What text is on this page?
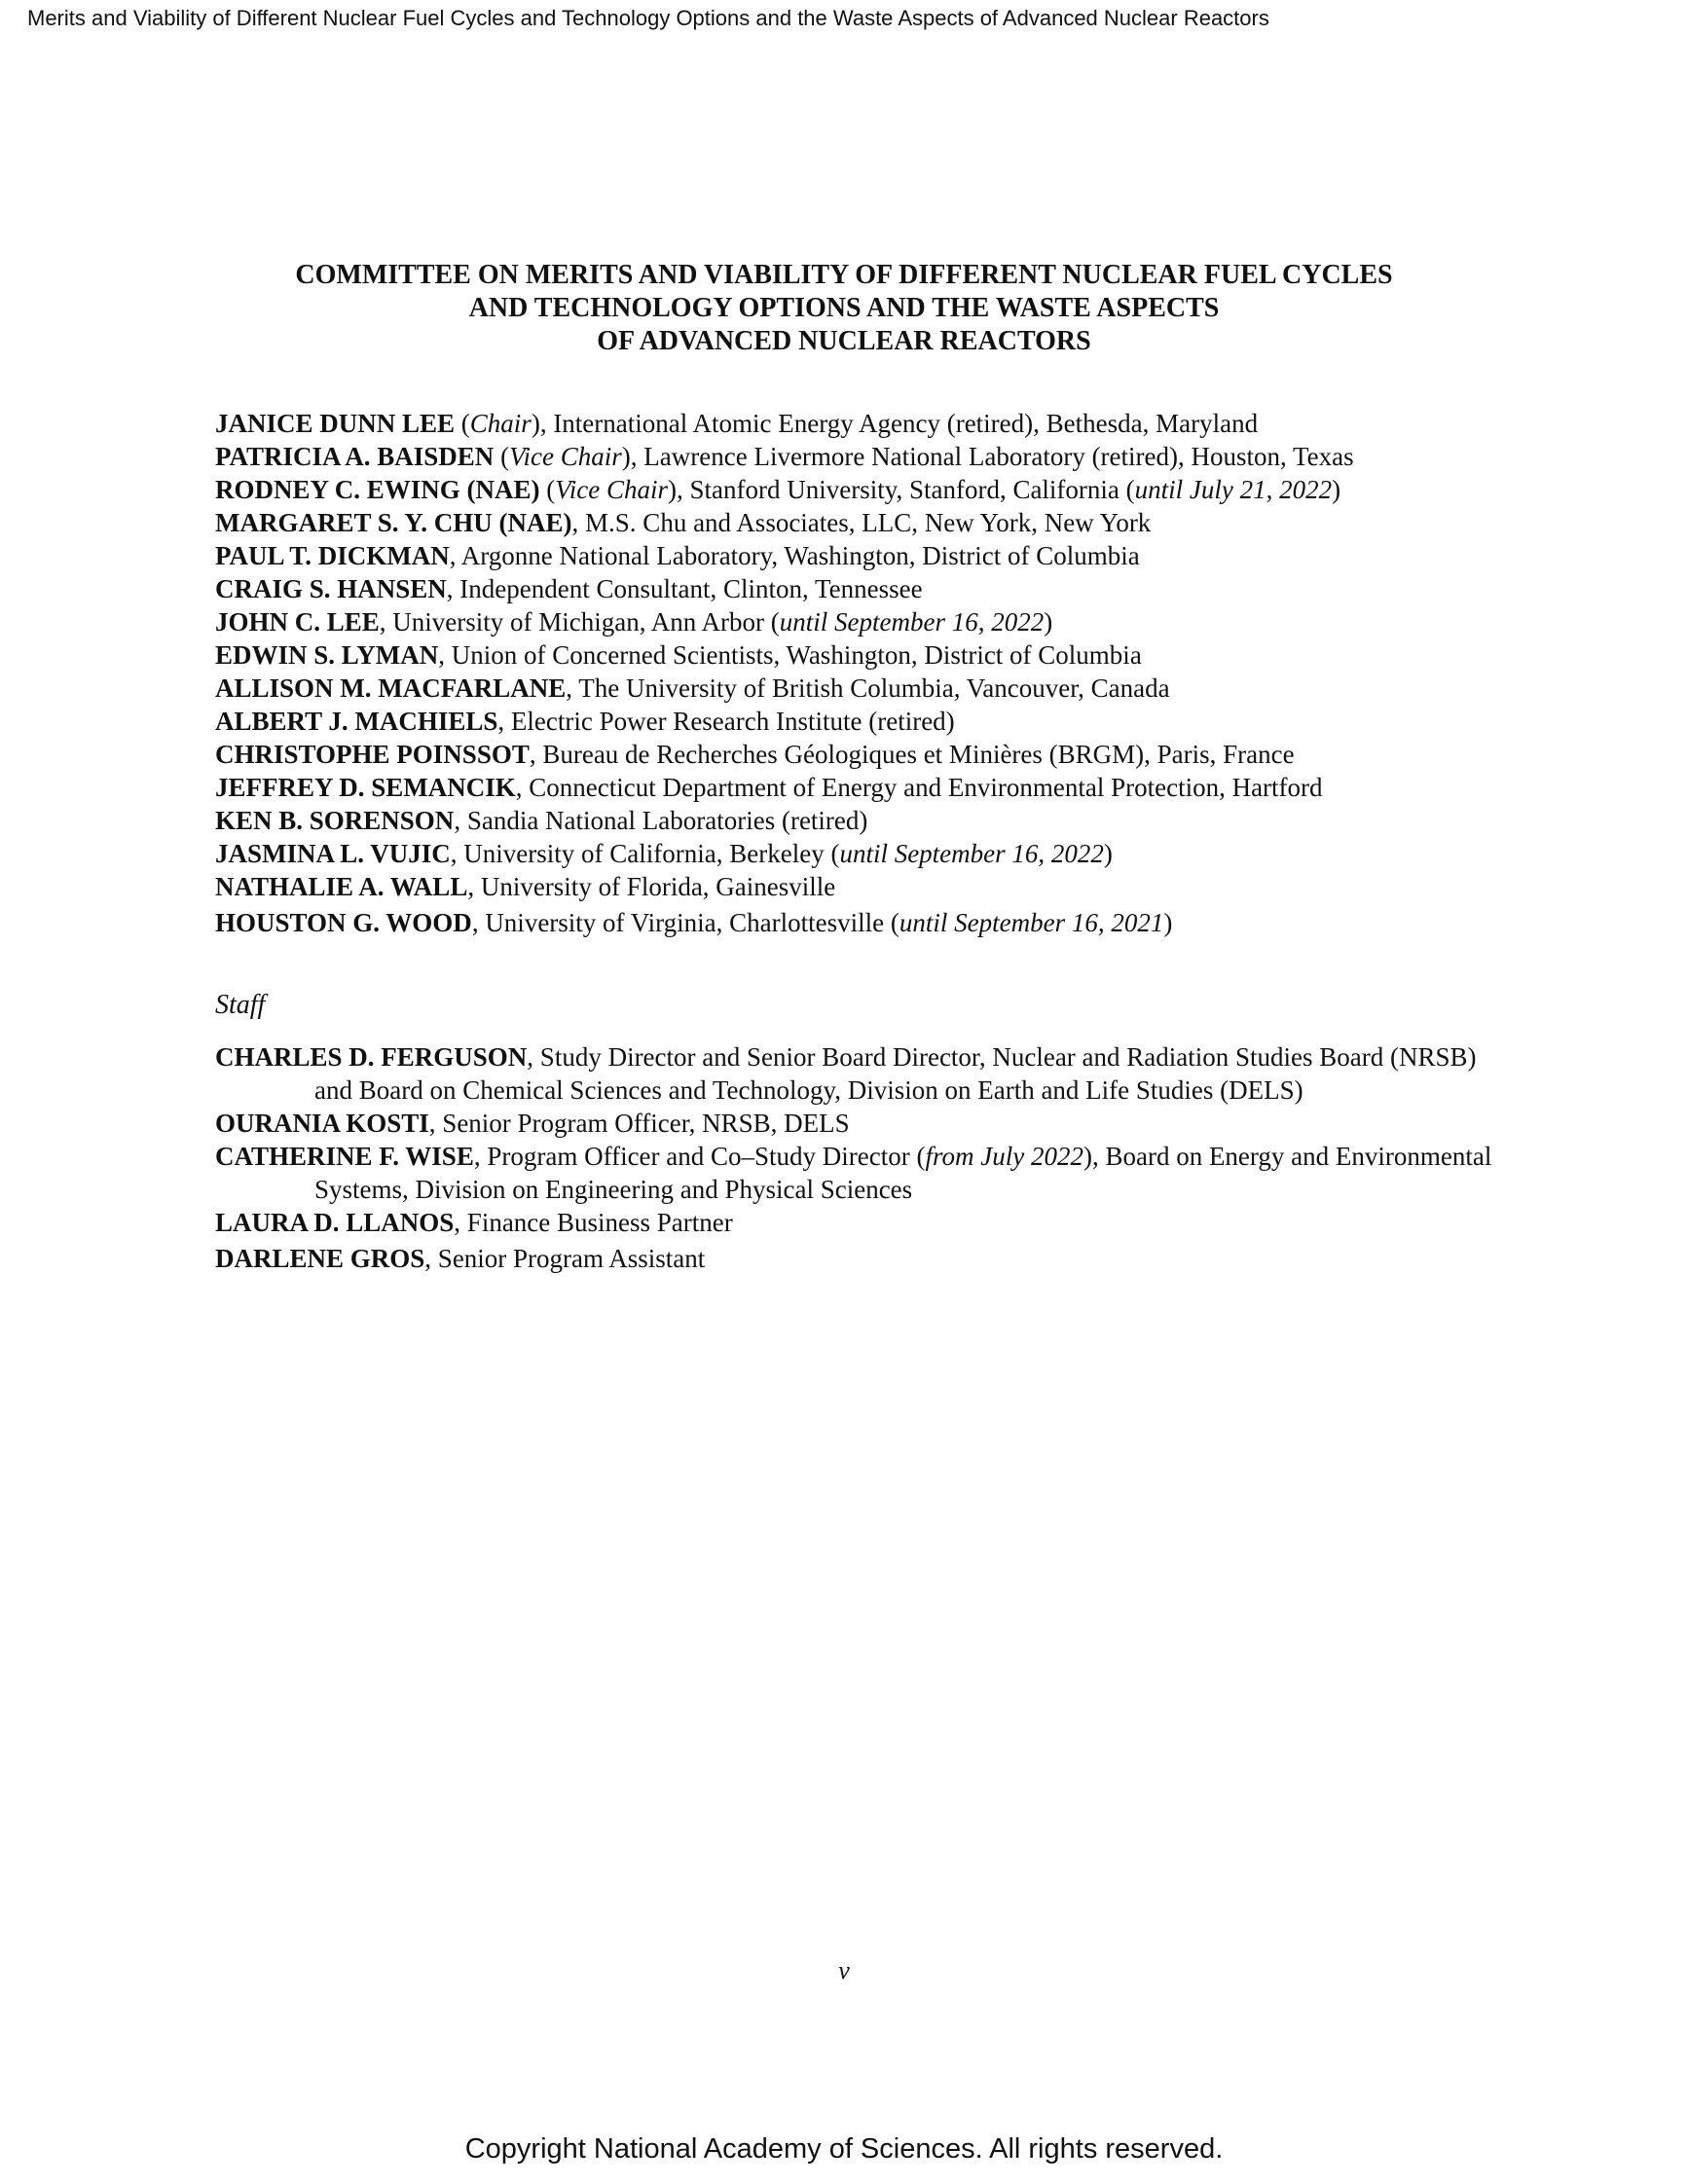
Merits and Viability of Different Nuclear Fuel Cycles and Technology Options and the Waste Aspects of Advanced Nuclear Reactors
COMMITTEE ON MERITS AND VIABILITY OF DIFFERENT NUCLEAR FUEL CYCLES
AND TECHNOLOGY OPTIONS AND THE WASTE ASPECTS
OF ADVANCED NUCLEAR REACTORS
JANICE DUNN LEE (Chair), International Atomic Energy Agency (retired), Bethesda, Maryland
PATRICIA A. BAISDEN (Vice Chair), Lawrence Livermore National Laboratory (retired), Houston, Texas
RODNEY C. EWING (NAE) (Vice Chair), Stanford University, Stanford, California (until July 21, 2022)
MARGARET S. Y. CHU (NAE), M.S. Chu and Associates, LLC, New York, New York
PAUL T. DICKMAN, Argonne National Laboratory, Washington, District of Columbia
CRAIG S. HANSEN, Independent Consultant, Clinton, Tennessee
JOHN C. LEE, University of Michigan, Ann Arbor (until September 16, 2022)
EDWIN S. LYMAN, Union of Concerned Scientists, Washington, District of Columbia
ALLISON M. MACFARLANE, The University of British Columbia, Vancouver, Canada
ALBERT J. MACHIELS, Electric Power Research Institute (retired)
CHRISTOPHE POINSSOT, Bureau de Recherches Géologiques et Minières (BRGM), Paris, France
JEFFREY D. SEMANCIK, Connecticut Department of Energy and Environmental Protection, Hartford
KEN B. SORENSON, Sandia National Laboratories (retired)
JASMINA L. VUJIC, University of California, Berkeley (until September 16, 2022)
NATHALIE A. WALL, University of Florida, Gainesville
HOUSTON G. WOOD, University of Virginia, Charlottesville (until September 16, 2021)
Staff
CHARLES D. FERGUSON, Study Director and Senior Board Director, Nuclear and Radiation Studies Board (NRSB) and Board on Chemical Sciences and Technology, Division on Earth and Life Studies (DELS)
OURANIA KOSTI, Senior Program Officer, NRSB, DELS
CATHERINE F. WISE, Program Officer and Co–Study Director (from July 2022), Board on Energy and Environmental Systems, Division on Engineering and Physical Sciences
LAURA D. LLANOS, Finance Business Partner
DARLENE GROS, Senior Program Assistant
v
Copyright National Academy of Sciences. All rights reserved.
